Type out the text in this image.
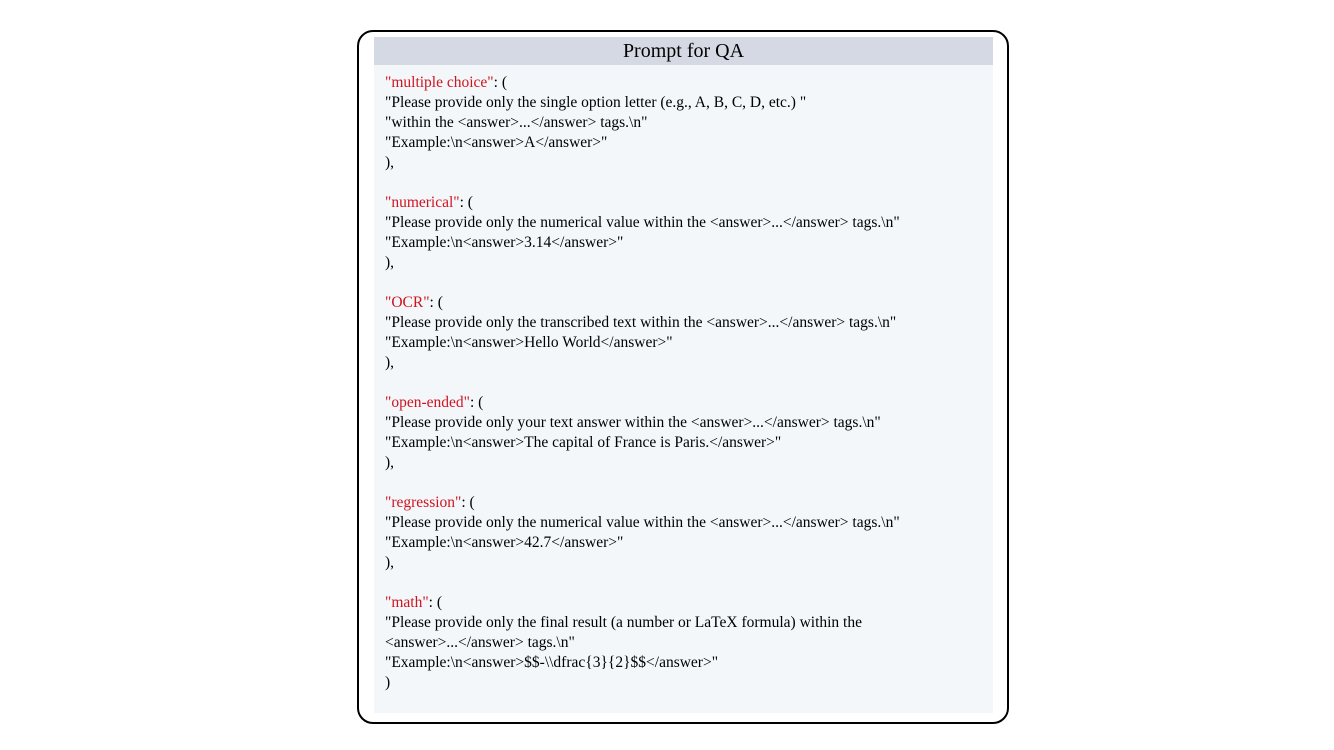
Prompt for QA
"multiple choice": (
"Please provide only the single option letter (e.g., A, B, C, D, etc.) "
"within the <answer>...</answer> tags.\n"
"Example:\n<answer>A</answer>"
),
"numerical": (
"Please provide only the numerical value within the <answer>...</answer> tags.\n"
"Example:\n<answer>3.14</answer>"
),
"OCR": (
"Please provide only the transcribed text within the <answer>...</answer> tags.\n"
"Example:\n<answer>Hello World</answer>"
),
"open-ended": (
"Please provide only your text answer within the <answer>...</answer> tags.\n"
"Example:\n<answer>The capital of France is Paris.</answer>"
),
"regression": (
"Please provide only the numerical value within the <answer>...</answer> tags.\n"
"Example:\n<answer>42.7</answer>"
),
"math": (
"Please provide only the final result (a number or LaTeX formula) within the
<answer>...</answer> tags.\n"
"Example:\n<answer>$$-\\dfrac{3}{2}$$</answer>"
)
